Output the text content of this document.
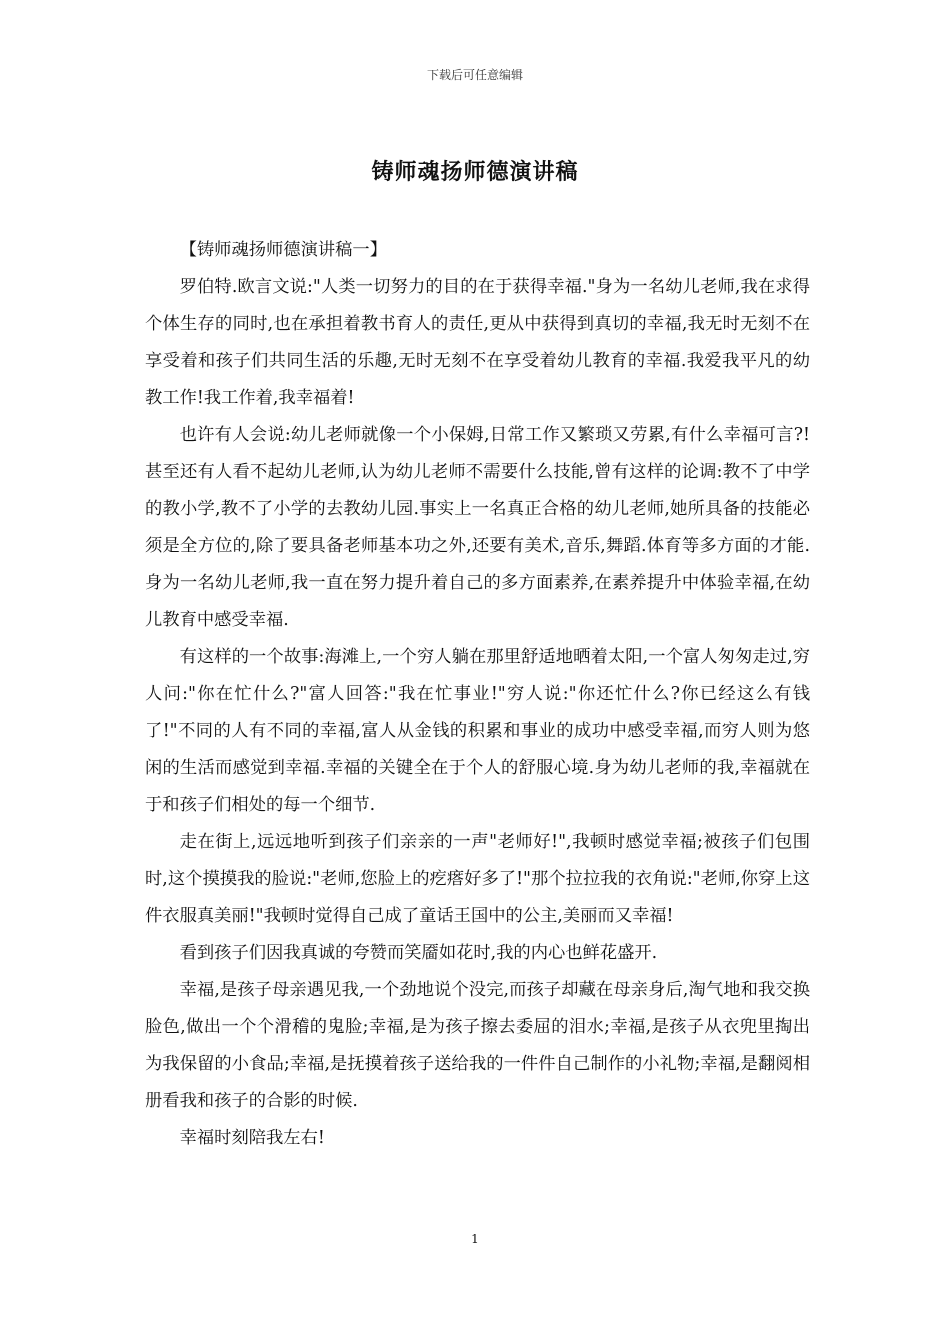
下载后可任意编辑
铸师魂扬师德演讲稿

【铸师魂扬师德演讲稿一】

罗伯特.欧言文说:"人类一切努力的目的在于获得幸福."身为一名幼儿老师,我在求得个体生存的同时,也在承担着教书育人的责任,更从中获得到真切的幸福,我无时无刻不在享受着和孩子们共同生活的乐趣,无时无刻不在享受着幼儿教育的幸福.我爱我平凡的幼教工作!我工作着,我幸福着!

也许有人会说:幼儿老师就像一个小保姆,日常工作又繁琐又劳累,有什么幸福可言?!甚至还有人看不起幼儿老师,认为幼儿老师不需要什么技能,曾有这样的论调:教不了中学的教小学,教不了小学的去教幼儿园.事实上一名真正合格的幼儿老师,她所具备的技能必须是全方位的,除了要具备老师基本功之外,还要有美术,音乐,舞蹈.体育等多方面的才能.身为一名幼儿老师,我一直在努力提升着自己的多方面素养,在素养提升中体验幸福,在幼儿教育中感受幸福.

有这样的一个故事:海滩上,一个穷人躺在那里舒适地晒着太阳,一个富人匆匆走过,穷人问:"你在忙什么?"富人回答:"我在忙事业!"穷人说:"你还忙什么?你已经这么有钱了!"不同的人有不同的幸福,富人从金钱的积累和事业的成功中感受幸福,而穷人则为悠闲的生活而感觉到幸福.幸福的关键全在于个人的舒服心境.身为幼儿老师的我,幸福就在于和孩子们相处的每一个细节.

走在街上,远远地听到孩子们亲亲的一声"老师好!",我顿时感觉幸福;被孩子们包围时,这个摸摸我的脸说:"老师,您脸上的疙瘩好多了!"那个拉拉我的衣角说:"老师,你穿上这件衣服真美丽!"我顿时觉得自己成了童话王国中的公主,美丽而又幸福!

看到孩子们因我真诚的夸赞而笑靥如花时,我的内心也鲜花盛开.

幸福,是孩子母亲遇见我,一个劲地说个没完,而孩子却藏在母亲身后,淘气地和我交换脸色,做出一个个滑稽的鬼脸;幸福,是为孩子擦去委屈的泪水;幸福,是孩子从衣兜里掏出为我保留的小食品;幸福,是抚摸着孩子送给我的一件件自己制作的小礼物;幸福,是翻阅相册看我和孩子的合影的时候.

幸福时刻陪我左右!

1
